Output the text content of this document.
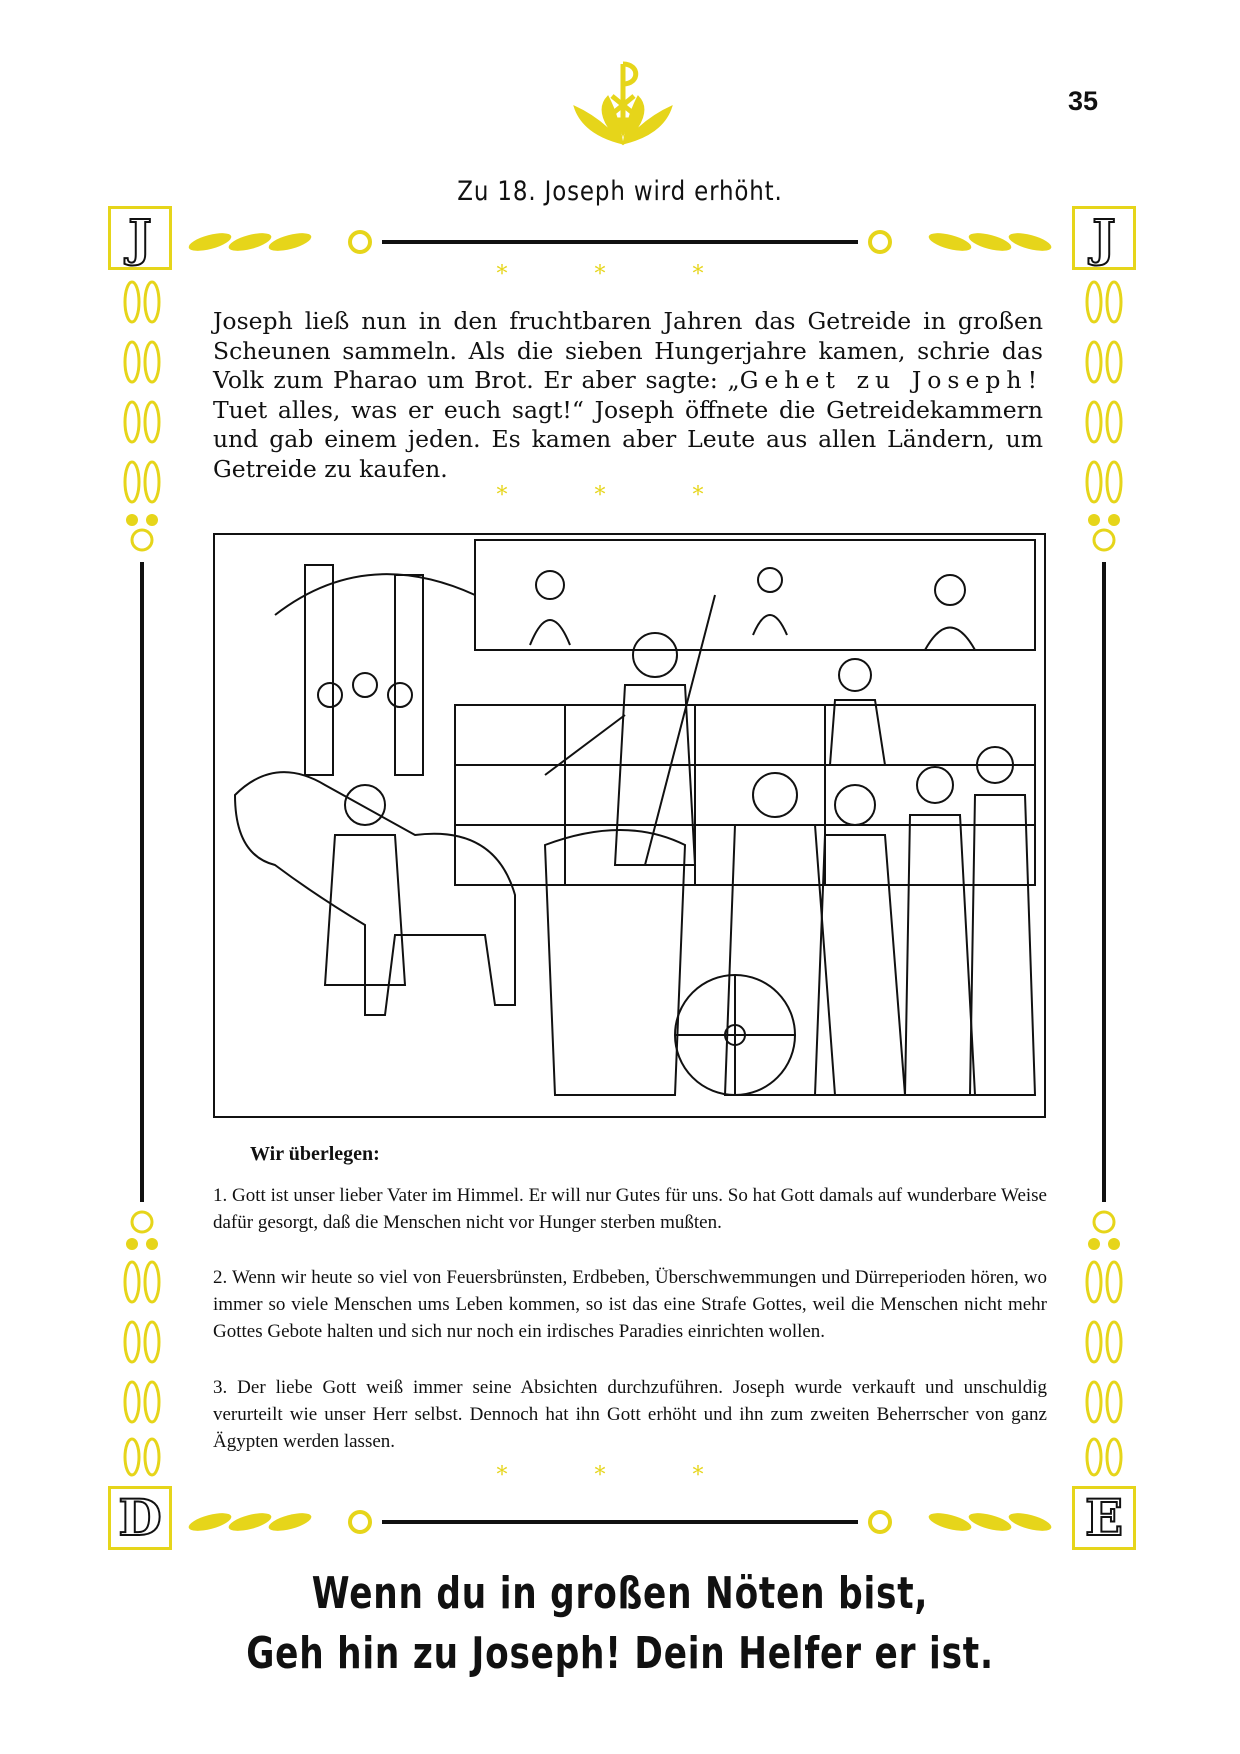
35
Zu 18. Joseph wird erhöht.
J	J
D	E
* * *
Joseph ließ nun in den fruchtbaren Jahren das Getreide in großen Scheunen sammeln. Als die sieben Hungerjahre kamen, schrie das Volk zum Pharao um Brot. Er aber sagte: „Gehet zu Joseph! Tuet alles, was er euch sagt!“ Joseph öffnete die Getreidekammern und gab einem jeden. Es kamen aber Leute aus allen Ländern, um Getreide zu kaufen.
* * *
Wir überlegen:
1. Gott ist unser lieber Vater im Himmel. Er will nur Gutes für uns. So hat Gott damals auf wunderbare Weise dafür gesorgt, daß die Menschen nicht vor Hunger sterben mußten.
2. Wenn wir heute so viel von Feuersbrünsten, Erdbeben, Überschwemmungen und Dürreperioden hören, wo immer so viele Menschen ums Leben kommen, so ist das eine Strafe Gottes, weil die Menschen nicht mehr Gottes Gebote halten und sich nur noch ein irdisches Paradies einrichten wollen.
3. Der liebe Gott weiß immer seine Absichten durchzuführen. Joseph wurde verkauft und unschuldig verurteilt wie unser Herr selbst. Dennoch hat ihn Gott erhöht und ihn zum zweiten Beherrscher von ganz Ägypten werden lassen.
* * *
Wenn du in großen Nöten bist,
Geh hin zu Joseph! Dein Helfer er ist.
